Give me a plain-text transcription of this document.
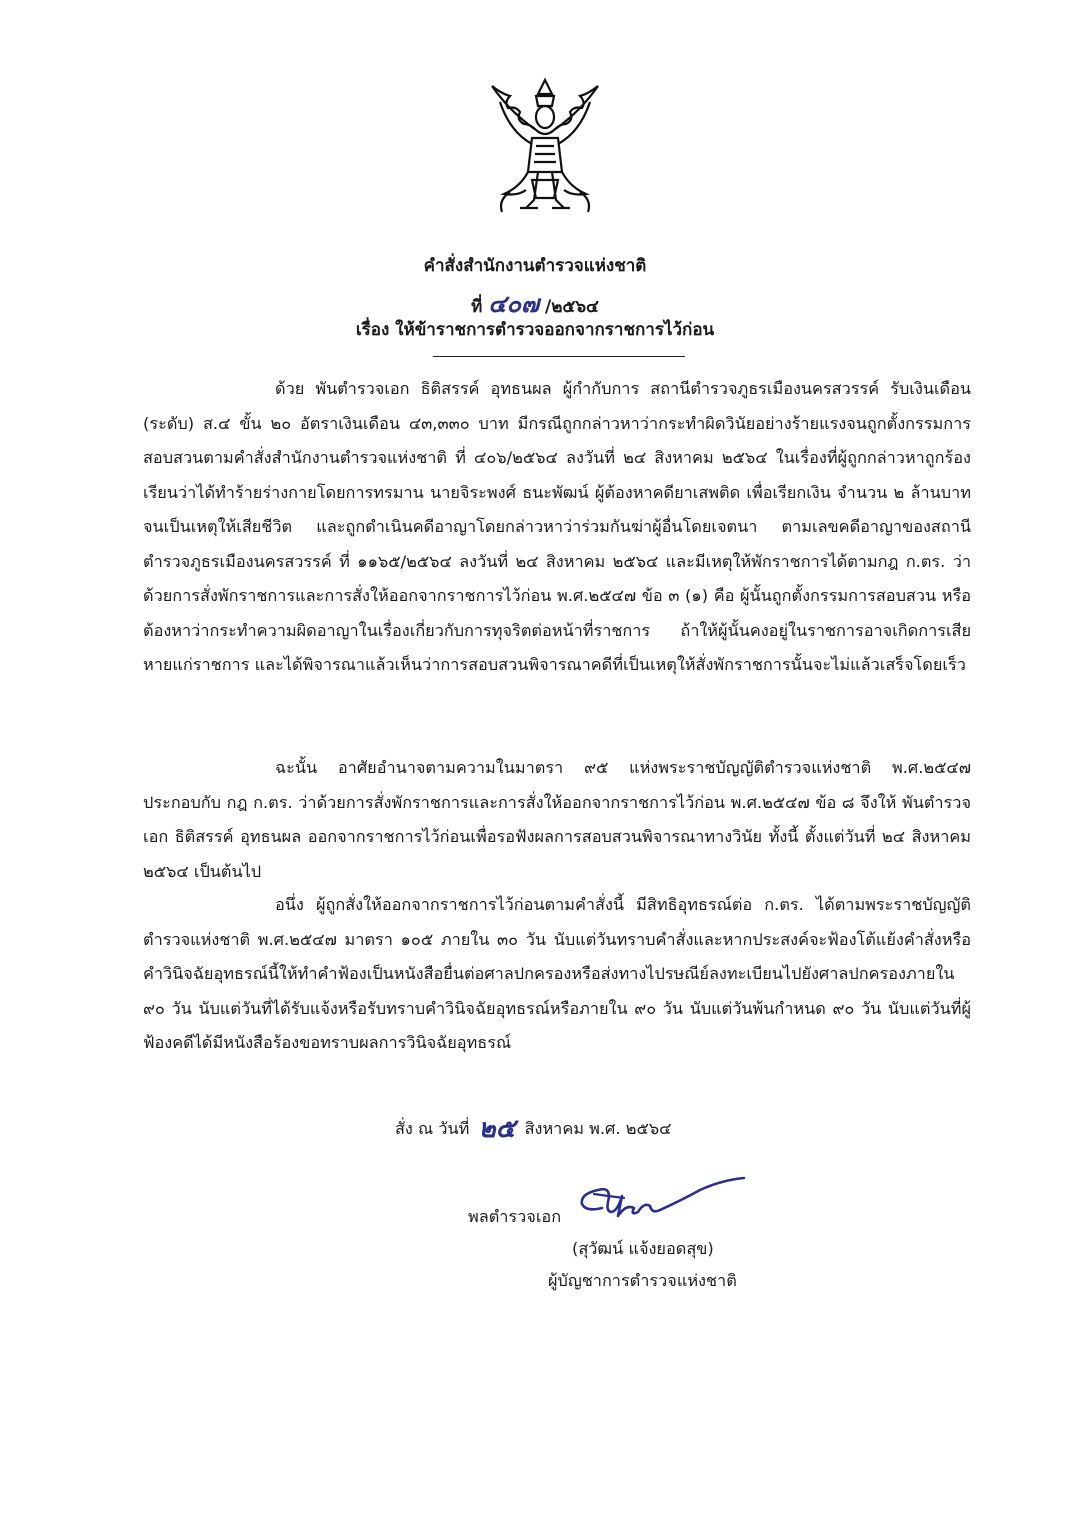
คำสั่งสำนักงานตำรวจแห่งชาติ
ที่ ๔๐๗ /๒๕๖๔
เรื่อง ให้ข้าราชการตำรวจออกจากราชการไว้ก่อน
ด้วย พันตำรวจเอก ธิติสรรค์ อุทธนผล ผู้กำกับการ สถานีตำรวจภูธรเมืองนครสวรรค์ รับเงินเดือน (ระดับ) ส.๔ ขั้น ๒๐ อัตราเงินเดือน ๔๓,๓๓๐ บาท มีกรณีถูกกล่าวหาว่ากระทำผิดวินัยอย่างร้ายแรงจนถูกตั้งกรรมการสอบสวนตามคำสั่งสำนักงานตำรวจแห่งชาติ ที่ ๔๐๖/๒๕๖๔ ลงวันที่ ๒๔ สิงหาคม ๒๕๖๔ ในเรื่องที่ผู้ถูกกล่าวหาถูกร้องเรียนว่าได้ทำร้ายร่างกายโดยการทรมาน นายจิระพงศ์ ธนะพัฒน์ ผู้ต้องหาคดียาเสพติด เพื่อเรียกเงิน จำนวน ๒ ล้านบาท จนเป็นเหตุให้เสียชีวิต และถูกดำเนินคดีอาญาโดยกล่าวหาว่าร่วมกันฆ่าผู้อื่นโดยเจตนา ตามเลขคดีอาญาของสถานีตำรวจภูธรเมืองนครสวรรค์ ที่ ๑๑๖๕/๒๕๖๔ ลงวันที่ ๒๔ สิงหาคม ๒๕๖๔ และมีเหตุให้พักราชการได้ตามกฎ ก.ตร. ว่าด้วยการสั่งพักราชการและการสั่งให้ออกจากราชการไว้ก่อน พ.ศ.๒๕๔๗ ข้อ ๓ (๑) คือ ผู้นั้นถูกตั้งกรรมการสอบสวน หรือต้องหาว่ากระทำความผิดอาญาในเรื่องเกี่ยวกับการทุจริตต่อหน้าที่ราชการ ถ้าให้ผู้นั้นคงอยู่ในราชการอาจเกิดการเสียหายแก่ราชการ และได้พิจารณาแล้วเห็นว่าการสอบสวนพิจารณาคดีที่เป็นเหตุให้สั่งพักราชการนั้นจะไม่แล้วเสร็จโดยเร็ว
ฉะนั้น อาศัยอำนาจตามความในมาตรา ๙๕ แห่งพระราชบัญญัติตำรวจแห่งชาติ พ.ศ.๒๕๔๗ ประกอบกับ กฎ ก.ตร. ว่าด้วยการสั่งพักราชการและการสั่งให้ออกจากราชการไว้ก่อน พ.ศ.๒๕๔๗ ข้อ ๘ จึงให้ พันตำรวจเอก ธิติสรรค์ อุทธนผล ออกจากราชการไว้ก่อนเพื่อรอฟังผลการสอบสวนพิจารณาทางวินัย ทั้งนี้ ตั้งแต่วันที่ ๒๔ สิงหาคม ๒๕๖๔ เป็นต้นไป
อนึ่ง ผู้ถูกสั่งให้ออกจากราชการไว้ก่อนตามคำสั่งนี้ มีสิทธิอุทธรณ์ต่อ ก.ตร. ได้ตามพระราชบัญญัติตำรวจแห่งชาติ พ.ศ.๒๕๔๗ มาตรา ๑๐๕ ภายใน ๓๐ วัน นับแต่วันทราบคำสั่งและหากประสงค์จะฟ้องโต้แย้งคำสั่งหรือคำวินิจฉัยอุทธรณ์นี้ให้ทำคำฟ้องเป็นหนังสือยื่นต่อศาลปกครองหรือส่งทางไปรษณีย์ลงทะเบียนไปยังศาลปกครองภายใน ๙๐ วัน นับแต่วันที่ได้รับแจ้งหรือรับทราบคำวินิจฉัยอุทธรณ์หรือภายใน ๙๐ วัน นับแต่วันพ้นกำหนด ๙๐ วัน นับแต่วันที่ผู้ฟ้องคดีได้มีหนังสือร้องขอทราบผลการวินิจฉัยอุทธรณ์
สั่ง ณ วันที่ ๒๕ สิงหาคม พ.ศ. ๒๕๖๔
พลตำรวจเอก
(สุวัฒน์ แจ้งยอดสุข)
ผู้บัญชาการตำรวจแห่งชาติ
